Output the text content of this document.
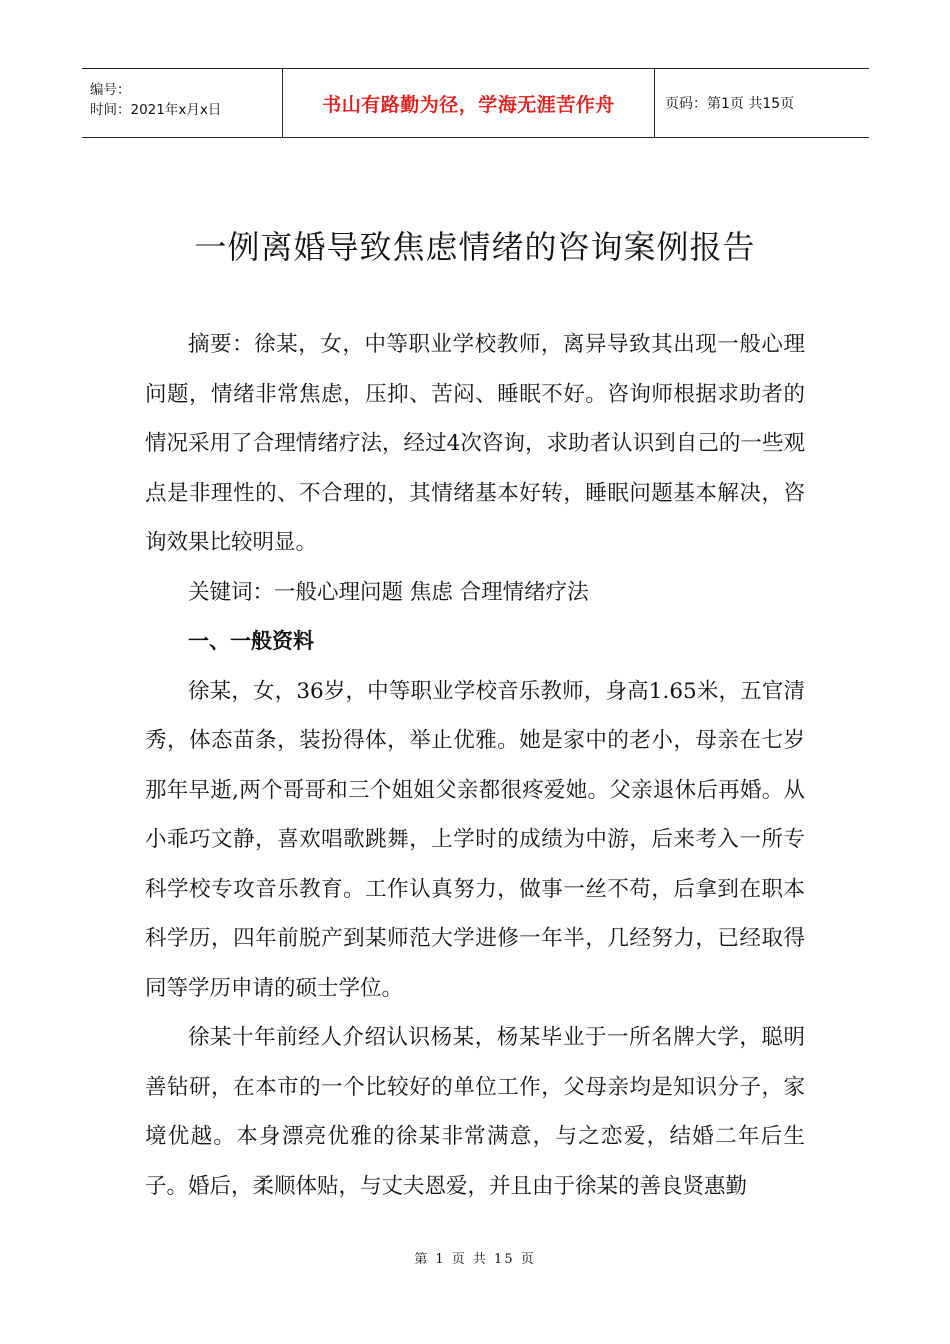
编号：
时间：2021年x月x日	书山有路勤为径，学海无涯苦作舟	页码：第1页 共15页
一例离婚导致焦虑情绪的咨询案例报告

摘要：徐某，女，中等职业学校教师，离异导致其出现一般心理问题，情绪非常焦虑，压抑、苦闷、睡眠不好。咨询师根据求助者的情况采用了合理情绪疗法，经过4次咨询，求助者认识到自己的一些观点是非理性的、不合理的，其情绪基本好转，睡眠问题基本解决，咨询效果比较明显。

关键词：一般心理问题 焦虑 合理情绪疗法

一、一般资料

徐某，女，36岁，中等职业学校音乐教师，身高1.65米，五官清秀，体态苗条，装扮得体，举止优雅。她是家中的老小，母亲在七岁那年早逝,两个哥哥和三个姐姐父亲都很疼爱她。父亲退休后再婚。从小乖巧文静，喜欢唱歌跳舞，上学时的成绩为中游，后来考入一所专科学校专攻音乐教育。工作认真努力，做事一丝不苟，后拿到在职本科学历，四年前脱产到某师范大学进修一年半，几经努力，已经取得同等学历申请的硕士学位。

徐某十年前经人介绍认识杨某，杨某毕业于一所名牌大学，聪明善钻研，在本市的一个比较好的单位工作，父母亲均是知识分子，家境优越。本身漂亮优雅的徐某非常满意，与之恋爱，结婚二年后生子。婚后，柔顺体贴，与丈夫恩爱，并且由于徐某的善良贤惠勤

第 1 页 共 15 页
